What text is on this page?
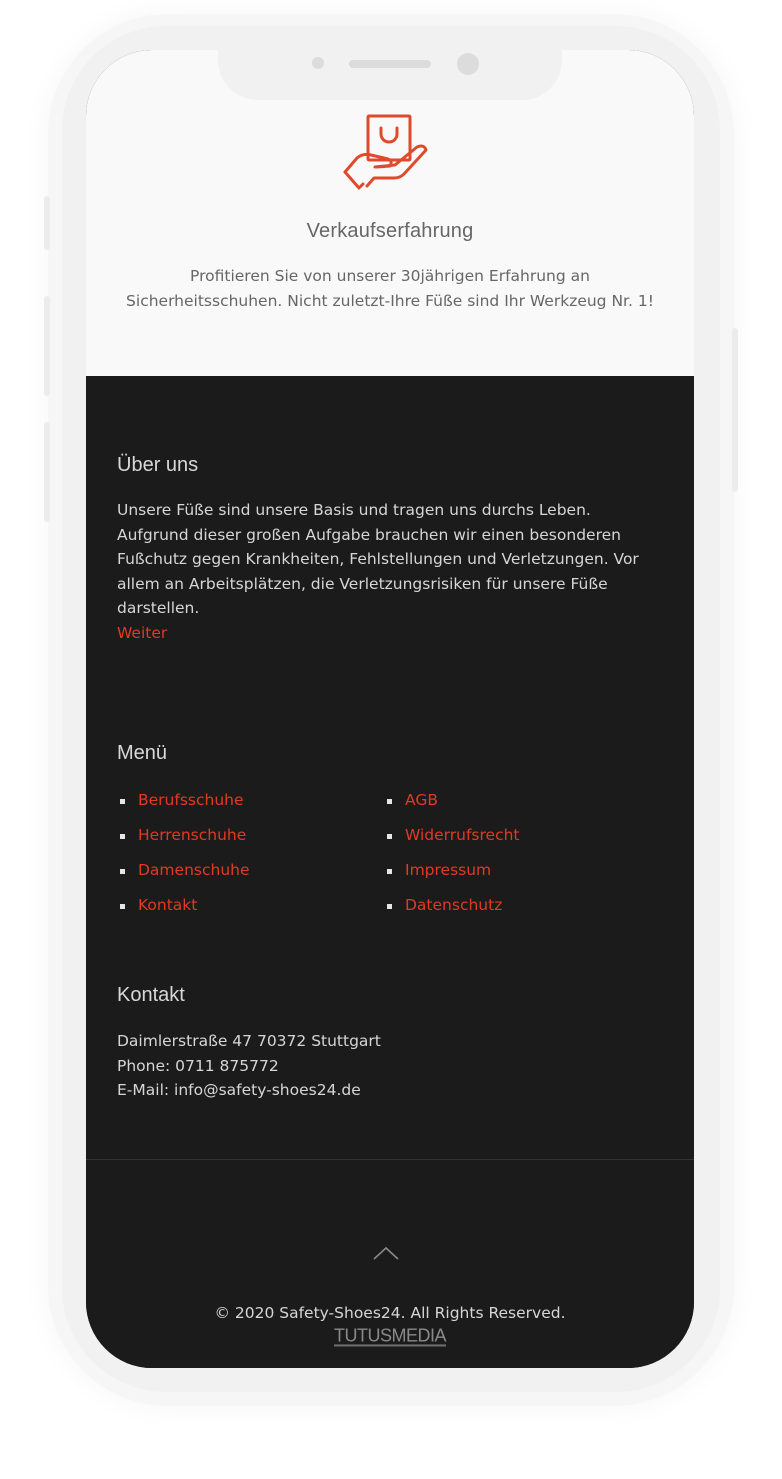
Verkaufserfahrung
Profitieren Sie von unserer 30jährigen Erfahrung an Sicherheitsschuhen. Nicht zuletzt-Ihre Füße sind Ihr Werkzeug Nr. 1!
Über uns
Unsere Füße sind unsere Basis und tragen uns durchs Leben. Aufgrund dieser großen Aufgabe brauchen wir einen besonderen Fußchutz gegen Krankheiten, Fehlstellungen und Verletzungen. Vor allem an Arbeitsplätzen, die Verletzungsrisiken für unsere Füße darstellen.
Weiter
Menü
Berufsschuhe
Herrenschuhe
Damenschuhe
Kontakt
AGB
Widerrufsrecht
Impressum
Datenschutz
Kontakt
Daimlerstraße 47 70372 Stuttgart
Phone: 0711 875772
E-Mail: info@safety-shoes24.de
© 2020 Safety-Shoes24. All Rights Reserved.
TUTUSMEDIA
